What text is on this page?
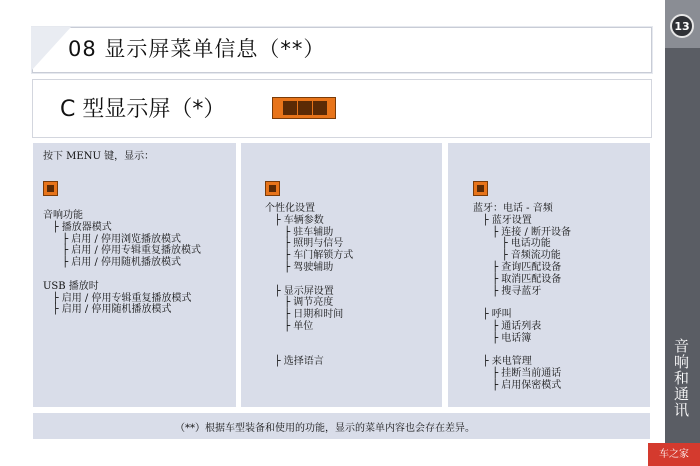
08 显示屏菜单信息（**）
C 型显示屏（*）
按下 MENU 键，显示：

音响功能
├ 播放器模式
├ 启用 / 停用浏览播放模式
├ 启用 / 停用专辑重复播放模式
├ 启用 / 停用随机播放模式

USB 播放时
├ 启用 / 停用专辑重复播放模式
├ 启用 / 停用随机播放模式
个性化设置
├ 车辆参数
├ 驻车辅助
├ 照明与信号
├ 车门解锁方式
├ 驾驶辅助

├ 显示屏设置
├ 调节亮度
├ 日期和时间
├ 单位

├ 选择语言
蓝牙：电话 - 音频
├ 蓝牙设置
├ 连接 / 断开设备
├ 电话功能
├ 音频流功能
├ 查询匹配设备
├ 取消匹配设备
├ 搜寻蓝牙

├ 呼叫
├ 通话列表
├ 电话簿

├ 来电管理
├ 挂断当前通话
├ 启用保密模式
（**）根据车型装备和使用的功能，显示的菜单内容也会存在差异。
13
音响和通讯
车之家
